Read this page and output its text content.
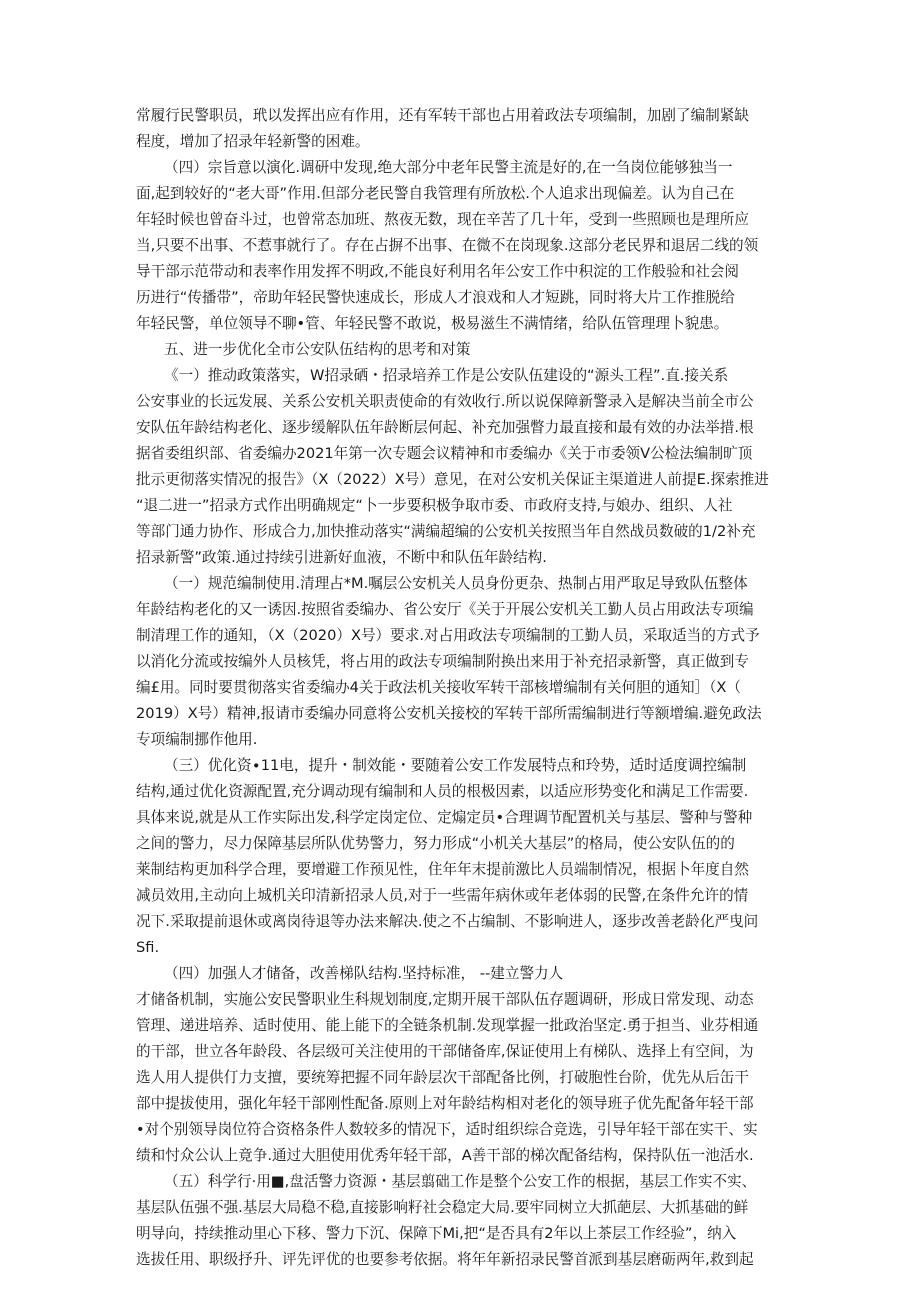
常履行民警职员，玳以发挥出应有作用，还有军转干部也占用着政法专项编制，加剧了编制紧缺
程度，增加了招录年轻新警的困难。
（四）宗旨意以演化.调研中发现,绝大部分中老年民警主流是好的,在一刍岗位能够独当一
面,起到较好的“老大哥”作用.但部分老民警自我管理有所放松.个人追求出现偏差。认为自己在
年轻时候也曾奋斗过，也曾常态加班、熬夜无数，现在辛苦了几十年，受到一些照顾也是理所应
当,只要不出事、不惹事就行了。存在占摒不出事、在微不在岗现象.这部分老民界和退居二线的领
导干部示范带动和表率作用发挥不明政,不能良好利用名年公安工作中积淀的工作般验和社会阅
历进行“传播带”，帝助年轻民警快速成长，形成人才浪戏和人才短跳，同时将大片工作推脱给
年轻民警，单位领导不聊•管、年轻民警不敢说，极易滋生不满情绪，给队伍管理理卜貌患。
五、进一步优化全市公安队伍结构的思考和对策
《一）推动政策落实，W招录硒・招录培养工作是公安队伍建设的“源头工程”.直.接关系
公安事业的长远发展、关系公安机关职责使命的有效收行.所以说保障新警录入是解决当前全市公
安队伍年龄结构老化、逐步缓解队伍年龄断层何起、补充加强瞥力最直接和最有效的办法举措.根
据省委组织部、省委编办2021年第一次专题会议精神和市委编办《关于市委领V公检法编制旷顶
批示更彻落实情况的报告》（X（2022）X号）意见，在对公安机关保证主渠道进人前提E.探索推进
“退二进一”招录方式作出明确规定“卜一步要积极争取市委、市政府支持,与娘办、组织、人社
等部门通力协作、形成合力,加快推动落实“满编超编的公安机关按照当年自然战员数破的1/2补充
招录新警”政策.通过持续引进新好血液，不断中和队伍年龄结构.
（一）规范编制使用.清理占*M.嘱层公安机关人员身份更杂、热制占用严取足导致队伍整体
年龄结构老化的又一诱因.按照省委编办、省公安厅《关于开展公安机关工勤人员占用政法专项编
制清理工作的通知，（X（2020）X号）要求.对占用政法专项编制的工勤人员，采取适当的方式予
以消化分流或按编外人员核凭，将占用的政法专项编制附换出来用于补充招录新警，真正做到专
编£用。同时要贯彻落实省委编办4关于政法机关接收军转干部核增编制有关何胆的通知］（X（
2019）X号）精神,报请市委编办同意将公安机关接校的军转干部所需编制进行等额增编.避免政法
专项编制挪作他用.
（三）优化资∙11电，提升・制效能・要随着公安工作发展特点和玲势，适时适度调控编制
结构,通过优化资源配置,充分调动现有编制和人员的根极因素，以适应形势变化和满足工作需要.
具体来说,就是从工作实际出发,科学定岗定位、定煽定员•合理调节配置机关与基层、警种与警种
之间的警力，尽力保障基层所队优势警力，努力形成“小机关大基层”的格局，使公安队伍的的
莱制结构更加科学合理，要增避工作预见性，住年年末提前激比人员端制情况，根据卜年度自然
减员效用,主动向上城机关印清新招录人员,对于一些需年病休或年老体弱的民警,在条件允许的情
况下.采取提前退休或离岗待退等办法来解决.使之不占编制、不影响进人，逐步改善老龄化严曳问
Sfi.
（四）加强人才储备，改善梯队结构.坚持标准， --建立警力人
才储备机制，实施公安民警职业生科规划制度,定期开展干部队伍存题调研，形成日常发现、动态
管理、递进培养、适时使用、能上能下的全链条机制.发现掌握一批政治坚定.勇于担当、业芬相通
的干部，世立各年龄段、各层级可关注使用的干部储备库,保证使用上有梯队、选择上有空间，为
选人用人提供仃力支擅，要统筹把握不同年龄层次干部配备比例，打破胞性台阶，优先从后缶干
部中提拔使用，强化年轻干部刚性配备.原则上对年龄结构相对老化的领导班子优先配备年轻干部
•对个别领导岗位符合资格条件人数较多的情况下，适时组织综合竞选，引导年轻干部在实干、实
绩和忖众公认上竟争.通过大胆使用优秀年轻干部，A善干部的梯次配备结构，保持队伍一池活水.
（五）科学行·用■,盘活警力资源・基层翦础工作是整个公安工作的根据，基层工作实不实、
基层队伍强不强.基层大局稳不稳,直接影响籽社会稳定大局.要牢同树立大抓葩层、大抓基础的鲜
明导向，持续推动里心下移、警力下沉、保障下Mi,把“是否具有2年以上茶层工作经验”，纳入
选拔任用、职级抒升、评先评优的也要参考依据。将年年新招录民警首派到基层磨砺两年,救到起
